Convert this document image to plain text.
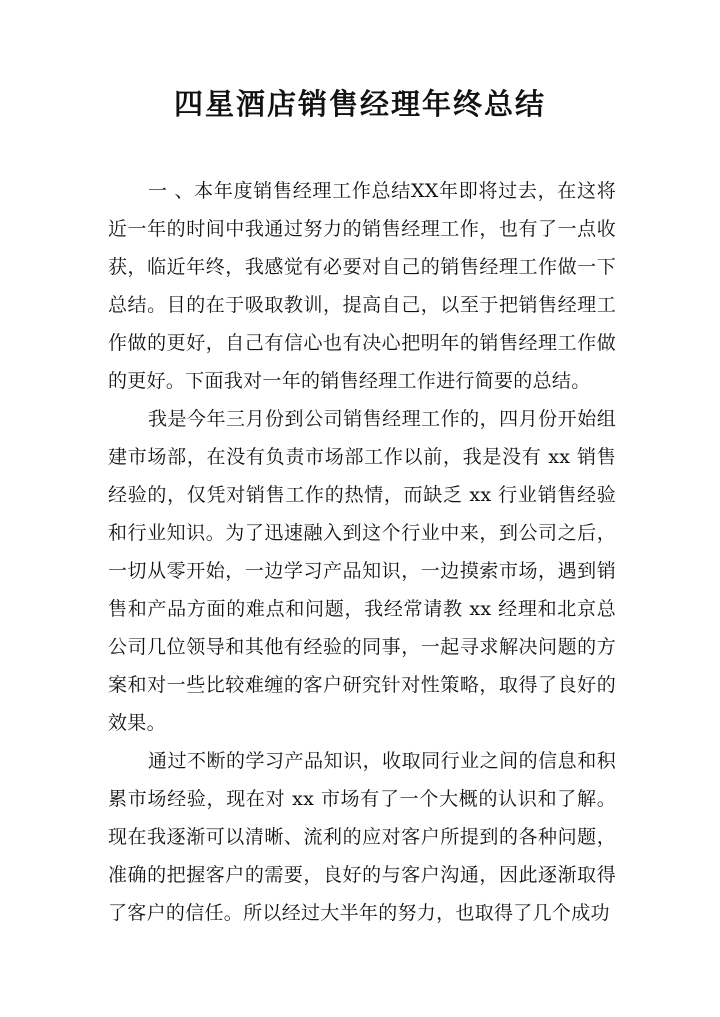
四星酒店销售经理年终总结

一 、本年度销售经理工作总结XX年即将过去，在这将近一年的时间中我通过努力的销售经理工作，也有了一点收获，临近年终，我感觉有必要对自己的销售经理工作做一下总结。目的在于吸取教训，提高自己，以至于把销售经理工作做的更好，自己有信心也有决心把明年的销售经理工作做的更好。下面我对一年的销售经理工作进行简要的总结。

我是今年三月份到公司销售经理工作的，四月份开始组建市场部，在没有负责市场部工作以前，我是没有 xx 销售经验的，仅凭对销售工作的热情，而缺乏 xx 行业销售经验和行业知识。为了迅速融入到这个行业中来，到公司之后，一切从零开始，一边学习产品知识，一边摸索市场，遇到销售和产品方面的难点和问题，我经常请教 xx 经理和北京总公司几位领导和其他有经验的同事，一起寻求解决问题的方案和对一些比较难缠的客户研究针对性策略，取得了良好的效果。

通过不断的学习产品知识，收取同行业之间的信息和积累市场经验，现在对 xx 市场有了一个大概的认识和了解。现在我逐渐可以清晰、流利的应对客户所提到的各种问题，准确的把握客户的需要，良好的与客户沟通，因此逐渐取得了客户的信任。所以经过大半年的努力，也取得了几个成功
